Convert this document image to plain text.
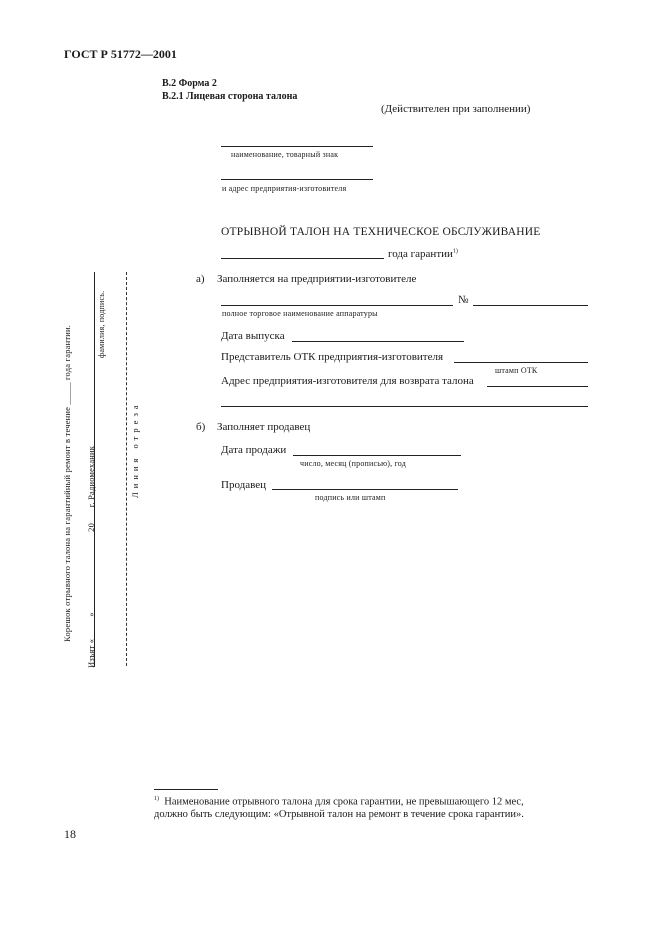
ГОСТ Р 51772—2001
В.2 Форма 2
В.2.1 Лицевая сторона талона
(Действителен при заполнении)
наименование, товарный знак
и адрес предприятия-изготовителя
ОТРЫВНОЙ ТАЛОН НА ТЕХНИЧЕСКОЕ ОБСЛУЖИВАНИЕ
года гарантии$^{1)}$
а) Заполняется на предприятии-изготовителе
№
полное торговое наименование аппаратуры
Дата выпуска
Представитель ОТК предприятия-изготовителя
штамп ОТК
Адрес предприятия-изготовителя для возврата талона
б) Заполняет продавец
Дата продажи
число, месяц (прописью), год
Продавец
подпись или штамп
Корешок отрывного талона на гарантийный ремонт в течение _____ года гарантии. Изъят «_____» _________________ 20___ г. Радиомеханик ___________________
фамилия, подпись.
Линия отреза
$^{1)}$ Наименование отрывного талона для срока гарантии, не превышающего 12 мес,
должно быть следующим: «Отрывной талон на ремонт в течение срока гарантии».
18
